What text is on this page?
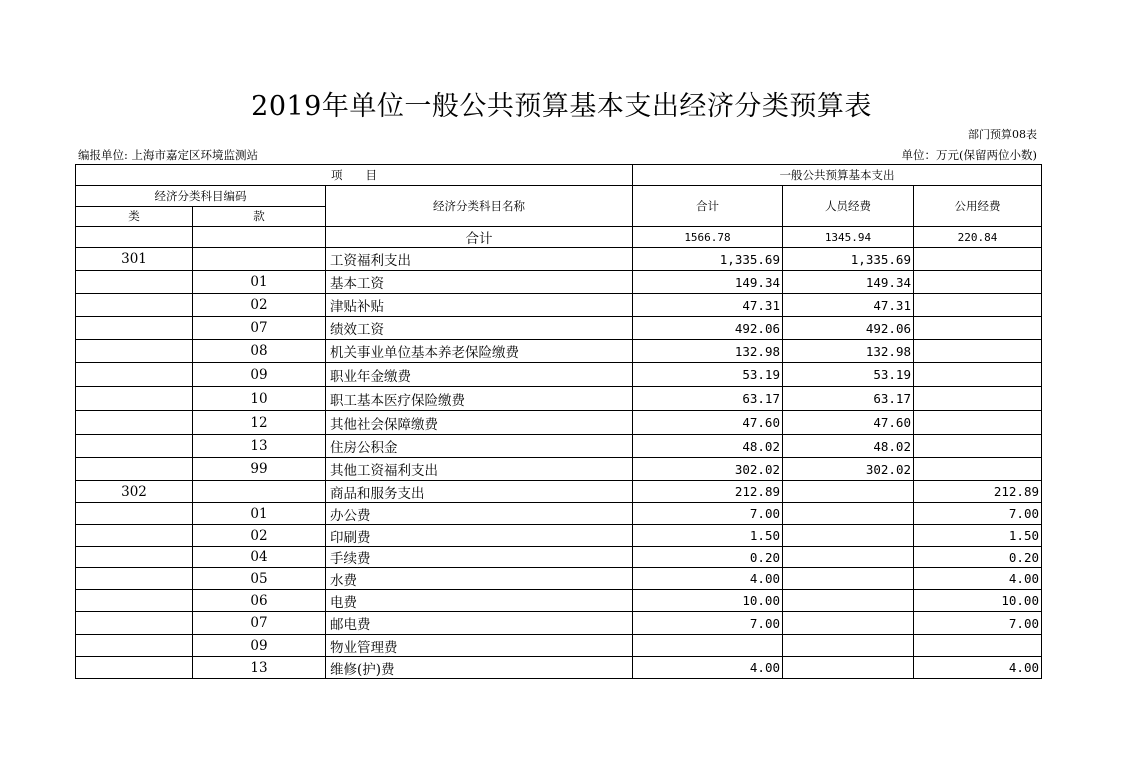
2019年单位一般公共预算基本支出经济分类预算表
部门预算08表
编报单位: 上海市嘉定区环境监测站	单位：万元(保留两位小数)
项　　目			一般公共预算基本支出		
经济分类科目编码		经济分类科目名称	合计	人员经费	公用经费
类	款				
		合计	1566.78	1345.94	220.84
301		工资福利支出	1,335.69	1,335.69	
	01	基本工资	149.34	149.34	
	02	津贴补贴	47.31	47.31	
	07	绩效工资	492.06	492.06	
	08	机关事业单位基本养老保险缴费	132.98	132.98	
	09	职业年金缴费	53.19	53.19	
	10	职工基本医疗保险缴费	63.17	63.17	
	12	其他社会保障缴费	47.60	47.60	
	13	住房公积金	48.02	48.02	
	99	其他工资福利支出	302.02	302.02	
302		商品和服务支出	212.89		212.89
	01	办公费	7.00		7.00
	02	印刷费	1.50		1.50
	04	手续费	0.20		0.20
	05	水费	4.00		4.00
	06	电费	10.00		10.00
	07	邮电费	7.00		7.00
	09	物业管理费			
	13	维修(护)费	4.00		4.00
